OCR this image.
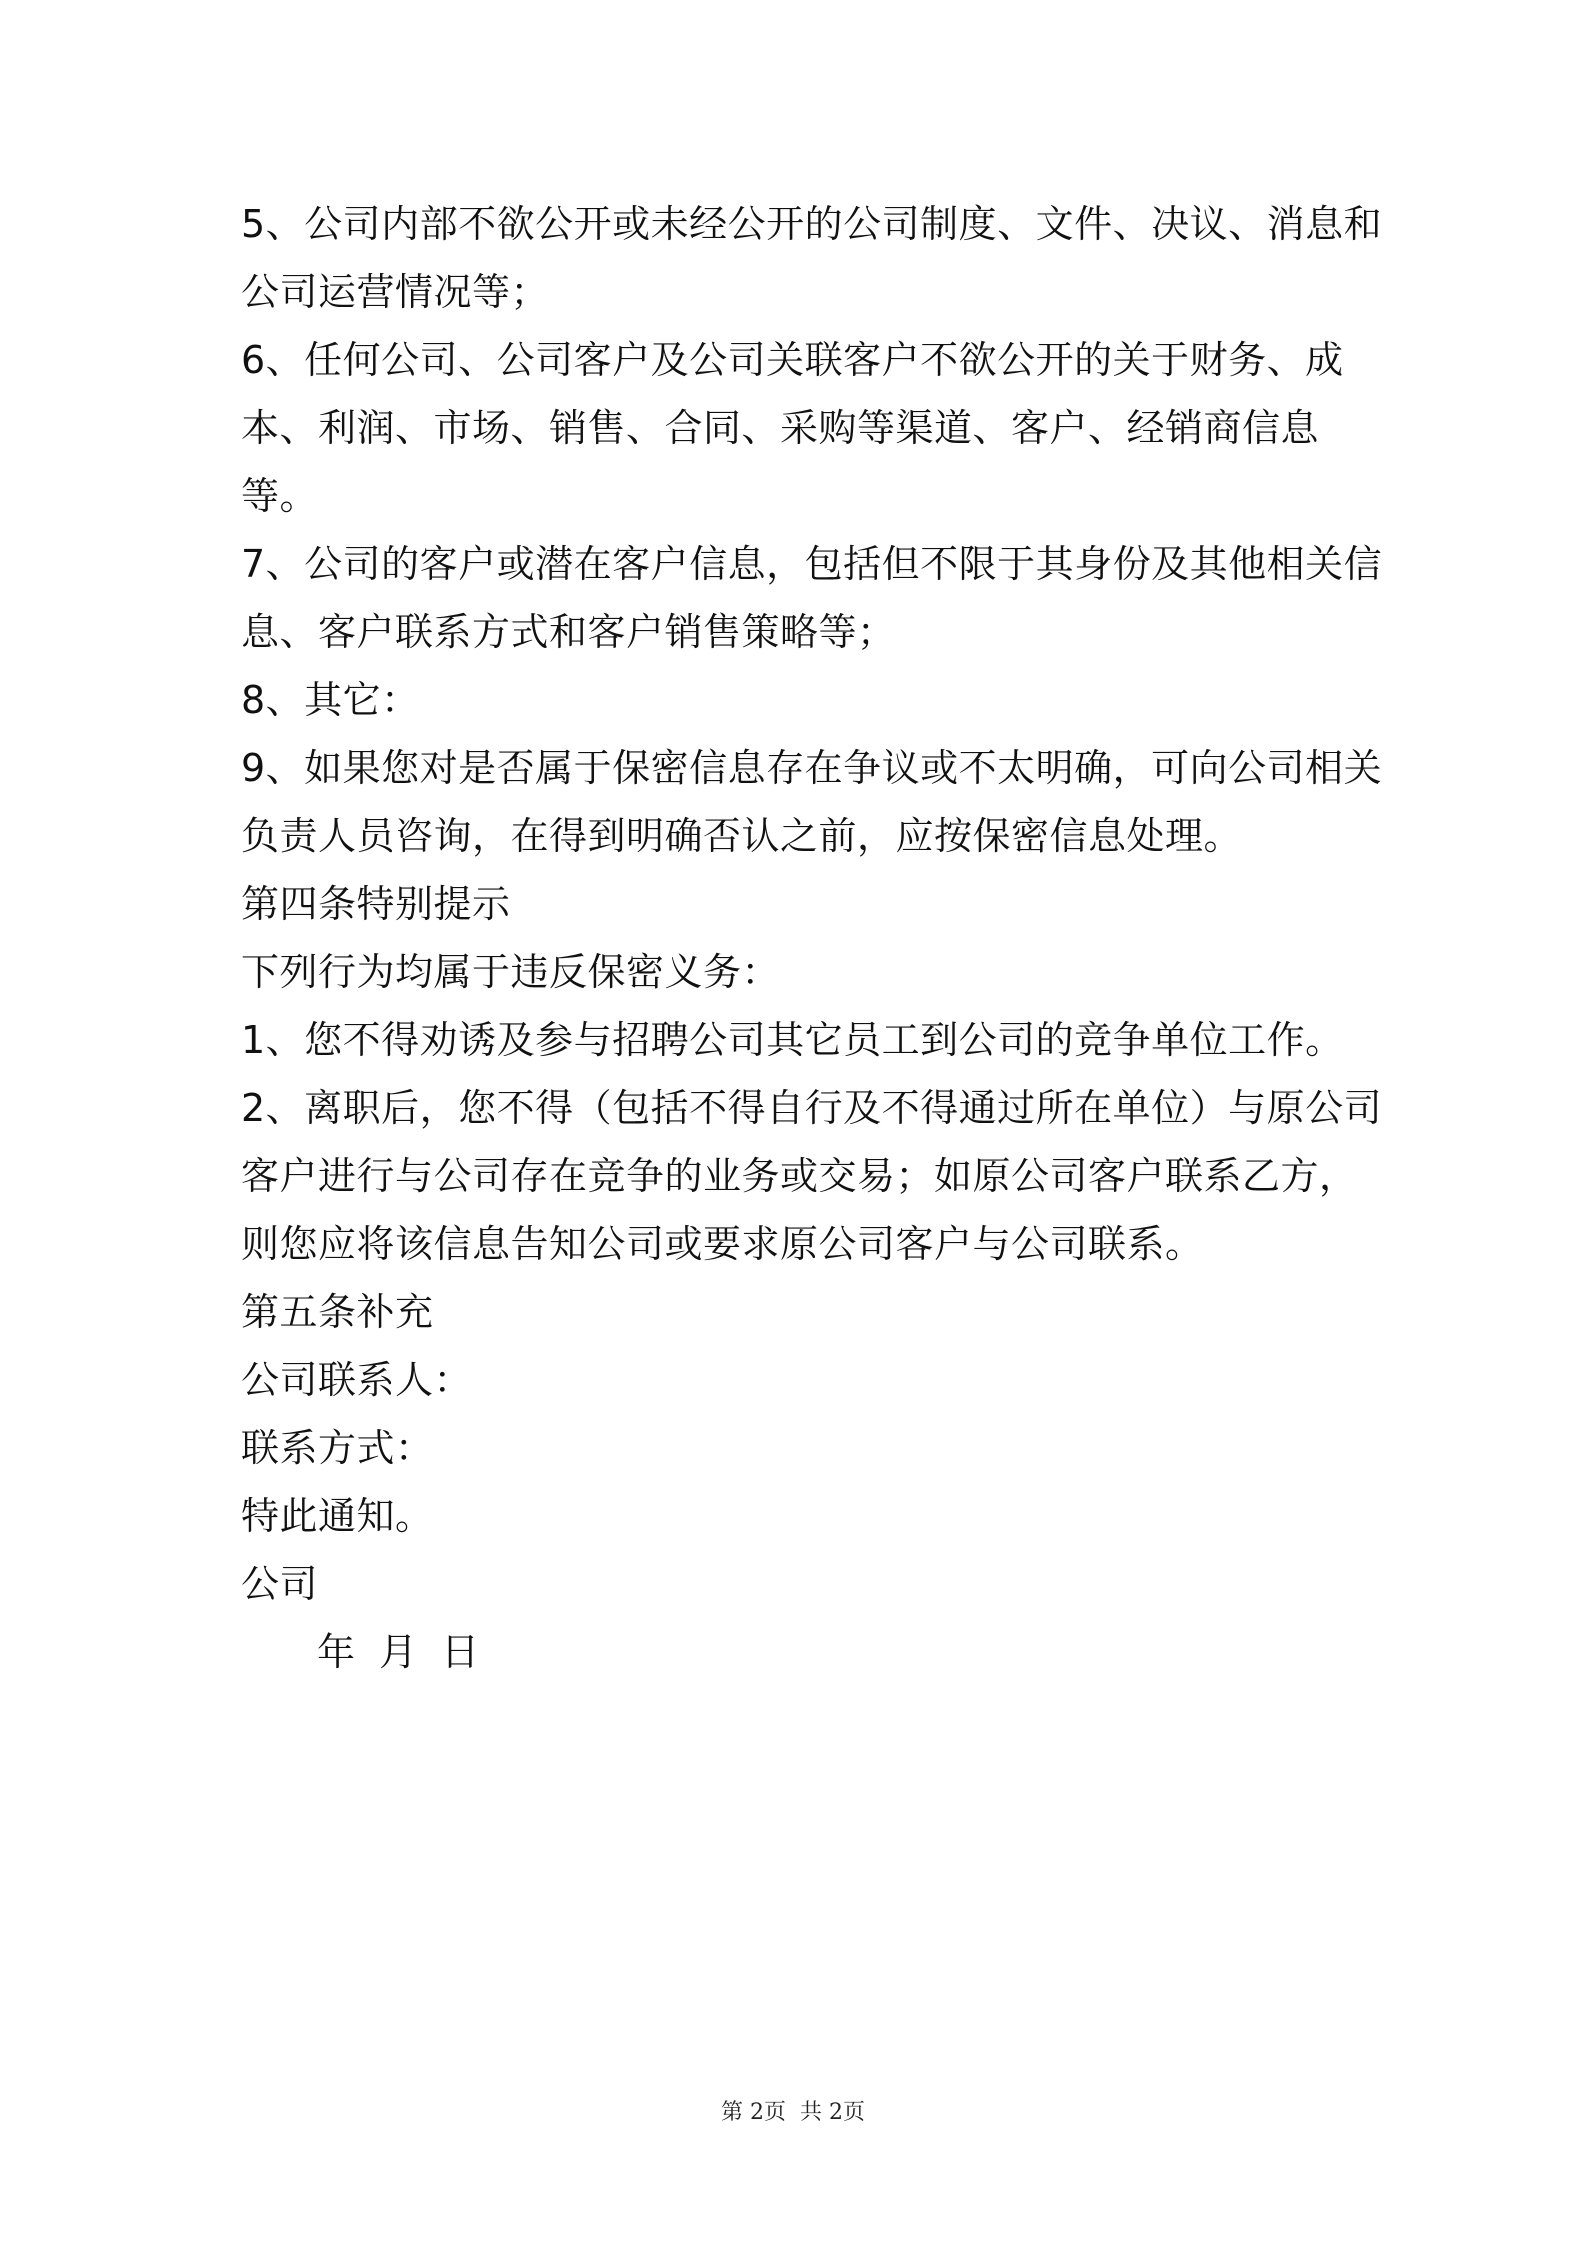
5、公司内部不欲公开或未经公开的公司制度、文件、决议、消息和
公司运营情况等；
6、任何公司、公司客户及公司关联客户不欲公开的关于财务、成
本、利润、市场、销售、合同、采购等渠道、客户、经销商信息
等。
7、公司的客户或潜在客户信息，包括但不限于其身份及其他相关信
息、客户联系方式和客户销售策略等；
8、其它：
9、如果您对是否属于保密信息存在争议或不太明确，可向公司相关
负责人员咨询，在得到明确否认之前，应按保密信息处理。
第四条特别提示
下列行为均属于违反保密义务：
1、您不得劝诱及参与招聘公司其它员工到公司的竞争单位工作。
2、离职后，您不得（包括不得自行及不得通过所在单位）与原公司
客户进行与公司存在竞争的业务或交易；如原公司客户联系乙方，
则您应将该信息告知公司或要求原公司客户与公司联系。
第五条补充
公司联系人：
联系方式：
特此通知。
公司
年 月 日
第 2页  共 2页
